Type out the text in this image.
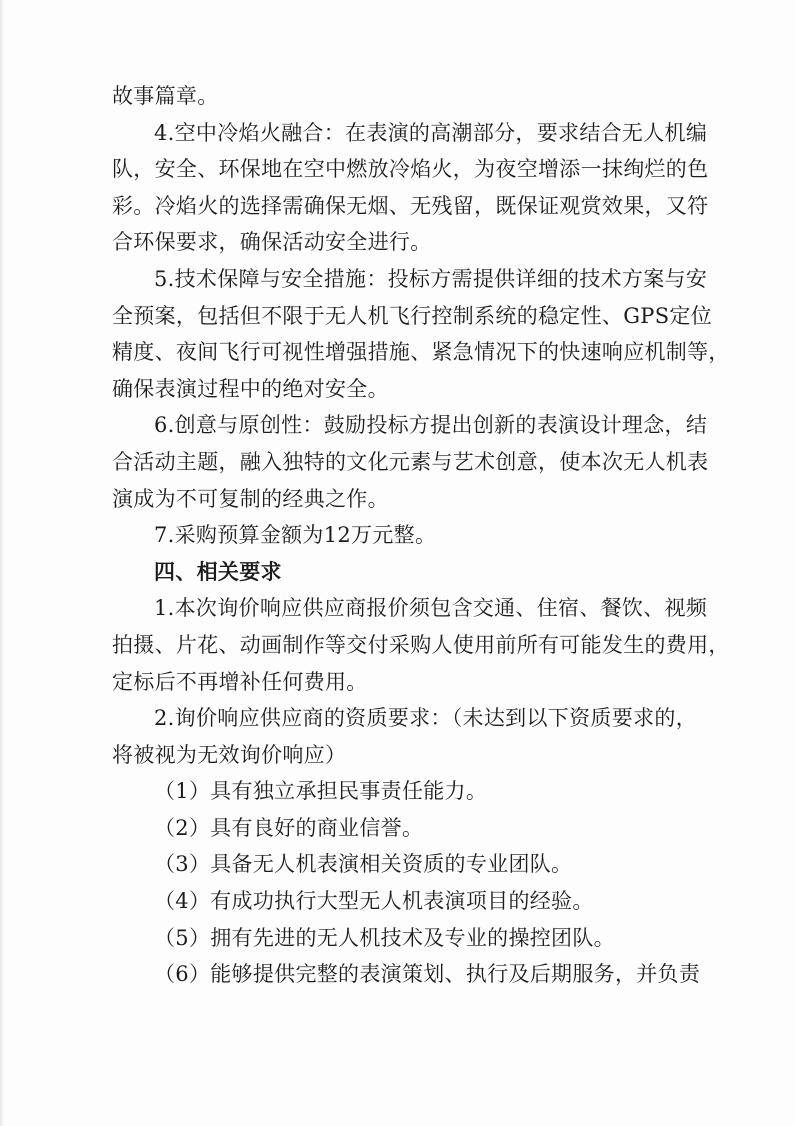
故事篇章。
4.空中冷焰火融合：在表演的高潮部分，要求结合无人机编
队，安全、环保地在空中燃放冷焰火，为夜空增添一抹绚烂的色
彩。冷焰火的选择需确保无烟、无残留，既保证观赏效果，又符
合环保要求，确保活动安全进行。
5.技术保障与安全措施：投标方需提供详细的技术方案与安
全预案，包括但不限于无人机飞行控制系统的稳定性、GPS定位
精度、夜间飞行可视性增强措施、紧急情况下的快速响应机制等，
确保表演过程中的绝对安全。
6.创意与原创性：鼓励投标方提出创新的表演设计理念，结
合活动主题，融入独特的文化元素与艺术创意，使本次无人机表
演成为不可复制的经典之作。
7.采购预算金额为12万元整。
四、相关要求
1.本次询价响应供应商报价须包含交通、住宿、餐饮、视频
拍摄、片花、动画制作等交付采购人使用前所有可能发生的费用，
定标后不再增补任何费用。
2.询价响应供应商的资质要求：（未达到以下资质要求的，
将被视为无效询价响应）
（1）具有独立承担民事责任能力。
（2）具有良好的商业信誉。
（3）具备无人机表演相关资质的专业团队。
（4）有成功执行大型无人机表演项目的经验。
（5）拥有先进的无人机技术及专业的操控团队。
（6）能够提供完整的表演策划、执行及后期服务，并负责
